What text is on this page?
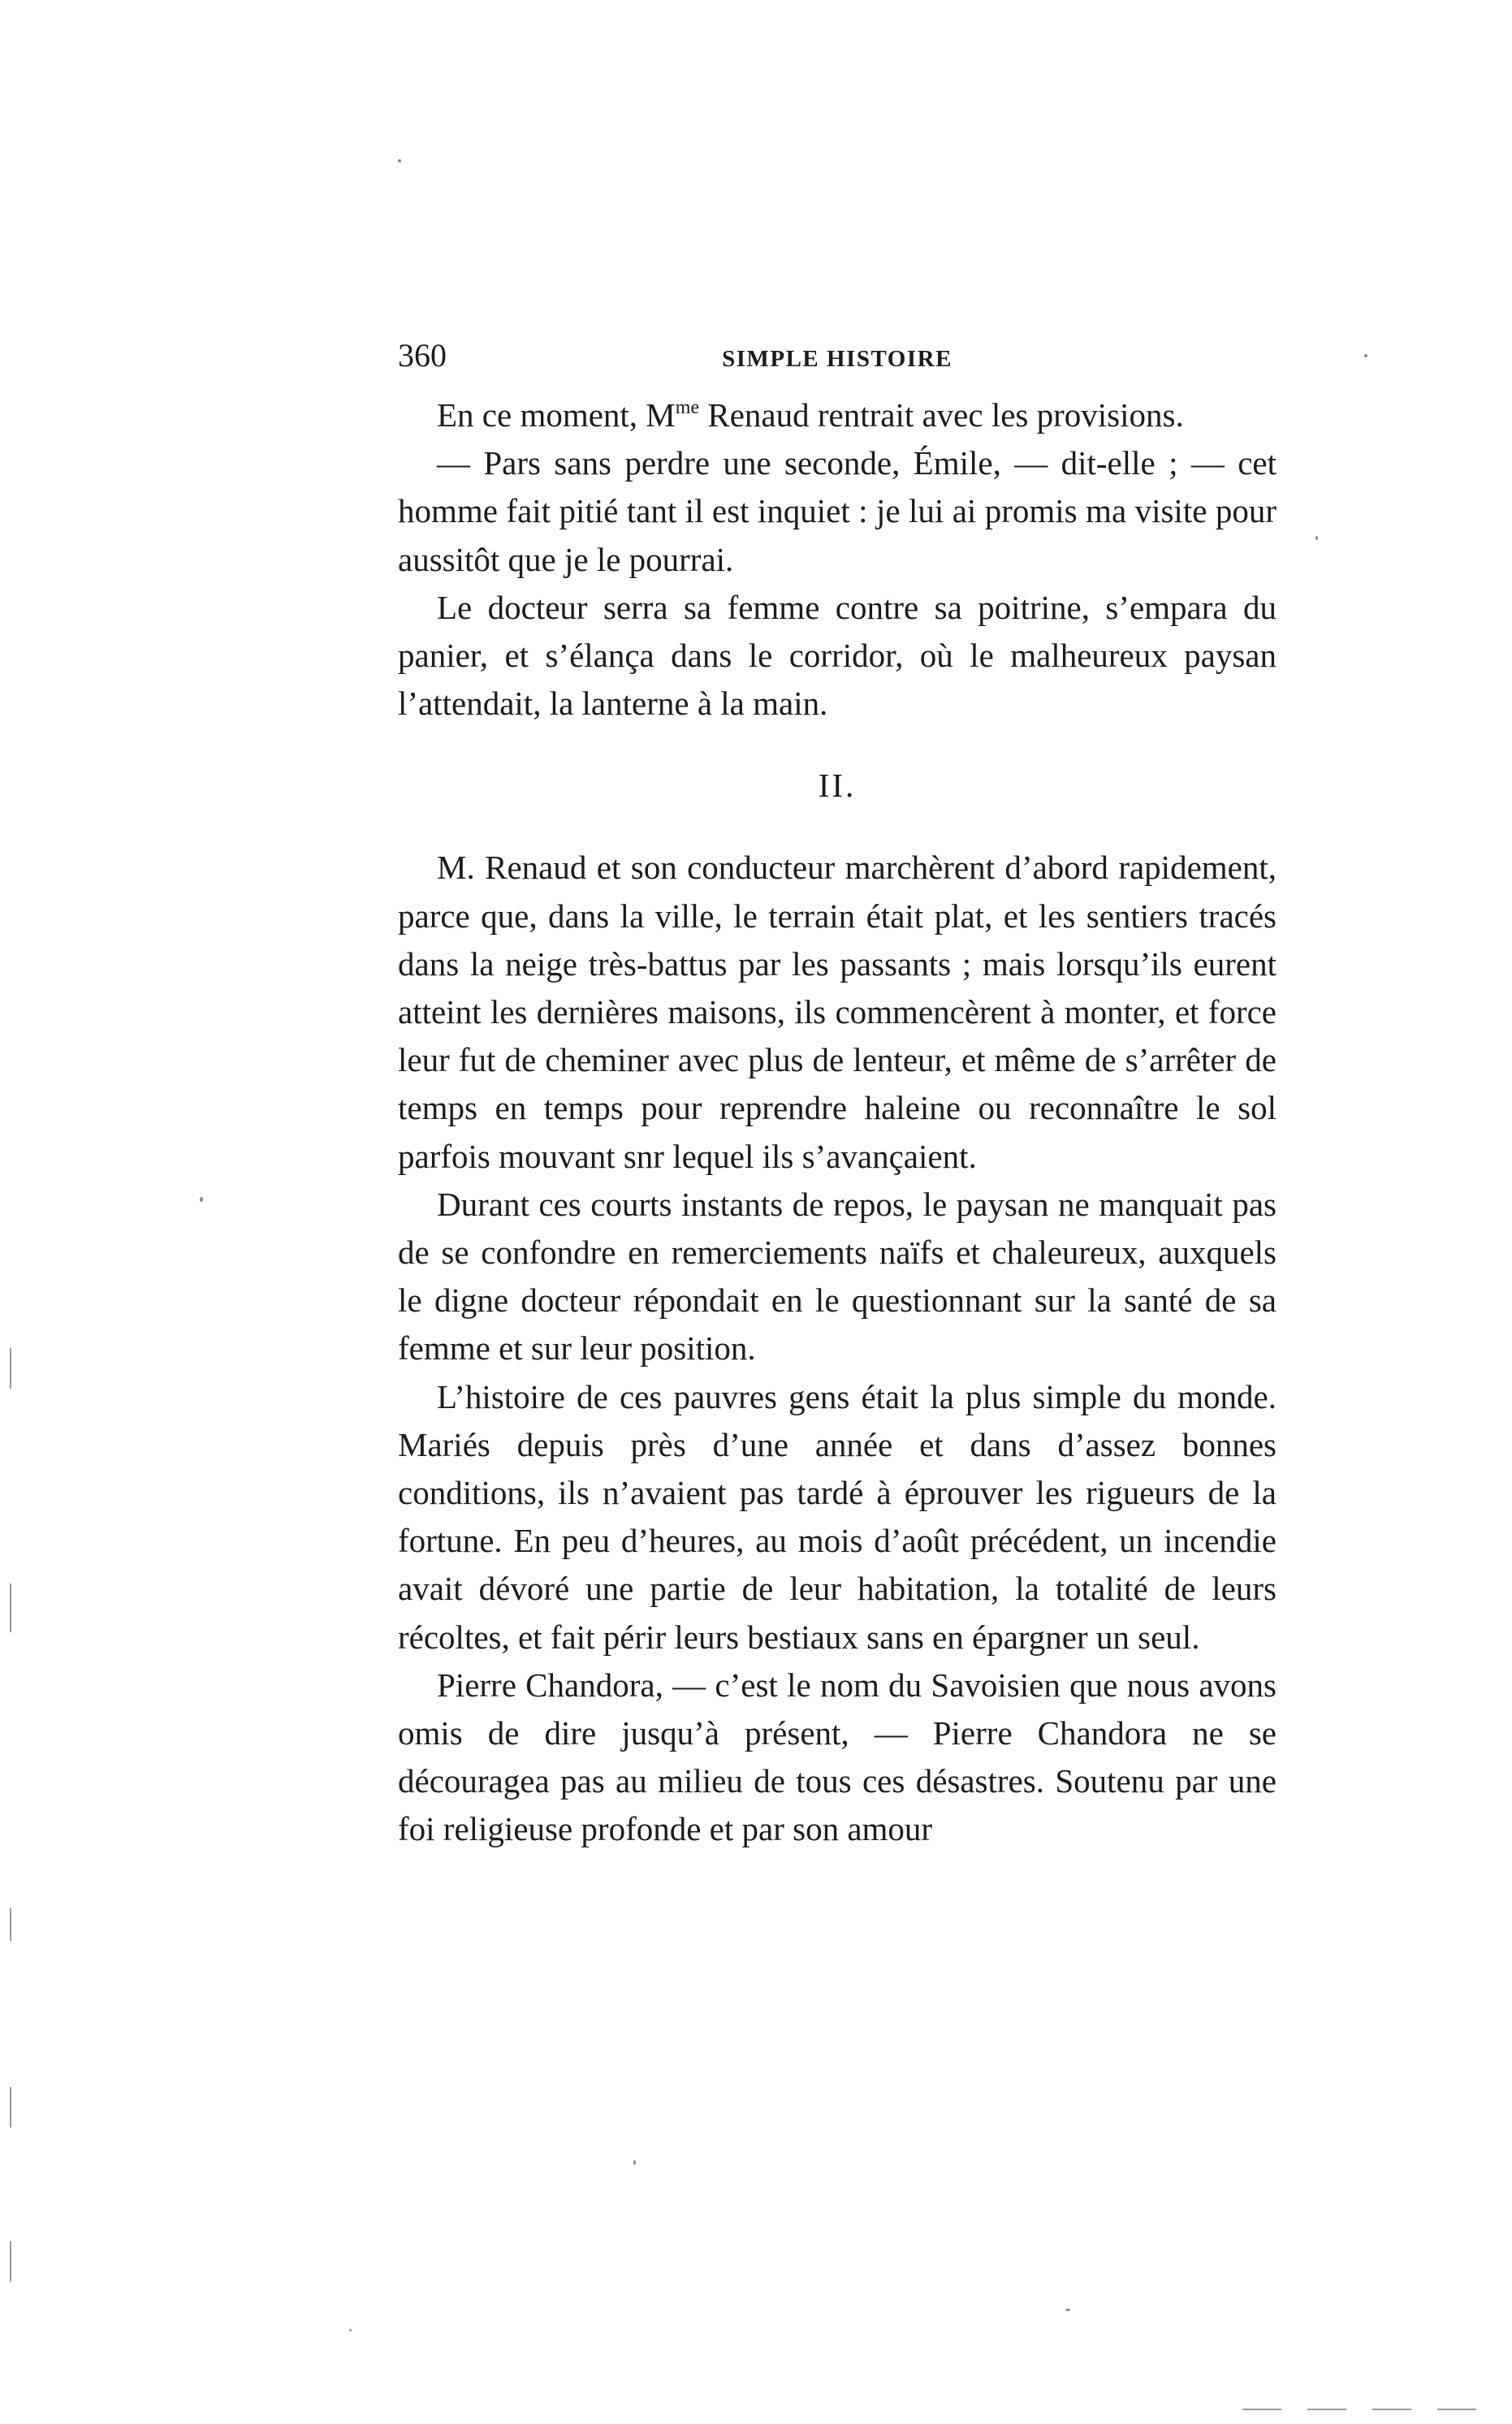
360	SIMPLE HISTOIRE

En ce moment, $M^{me}$ Renaud rentrait avec les provisions.

— Pars sans perdre une seconde, Émile, — dit-elle ; — cet homme fait pitié tant il est inquiet : je lui ai promis ma visite pour aussitôt que je le pourrai.

Le docteur serra sa femme contre sa poitrine, s’empara du panier, et s’élança dans le corridor, où le malheureux paysan l’attendait, la lanterne à la main.

II.

M. Renaud et son conducteur marchèrent d’abord rapidement, parce que, dans la ville, le terrain était plat, et les sentiers tracés dans la neige très-battus par les passants ; mais lorsqu’ils eurent atteint les dernières maisons, ils commencèrent à monter, et force leur fut de cheminer avec plus de lenteur, et même de s’arrêter de temps en temps pour reprendre haleine ou reconnaître le sol parfois mouvant snr lequel ils s’avançaient.

Durant ces courts instants de repos, le paysan ne manquait pas de se confondre en remerciements naïfs et chaleureux, auxquels le digne docteur répondait en le questionnant sur la santé de sa femme et sur leur position.

L’histoire de ces pauvres gens était la plus simple du monde. Mariés depuis près d’une année et dans d’assez bonnes conditions, ils n’avaient pas tardé à éprouver les rigueurs de la fortune. En peu d’heures, au mois d’août précédent, un incendie avait dévoré une partie de leur habitation, la totalité de leurs récoltes, et fait périr leurs bestiaux sans en épargner un seul.

Pierre Chandora, — c’est le nom du Savoisien que nous avons omis de dire jusqu’à présent, — Pierre Chandora ne se découragea pas au milieu de tous ces désastres. Soutenu par une foi religieuse profonde et par son amour
